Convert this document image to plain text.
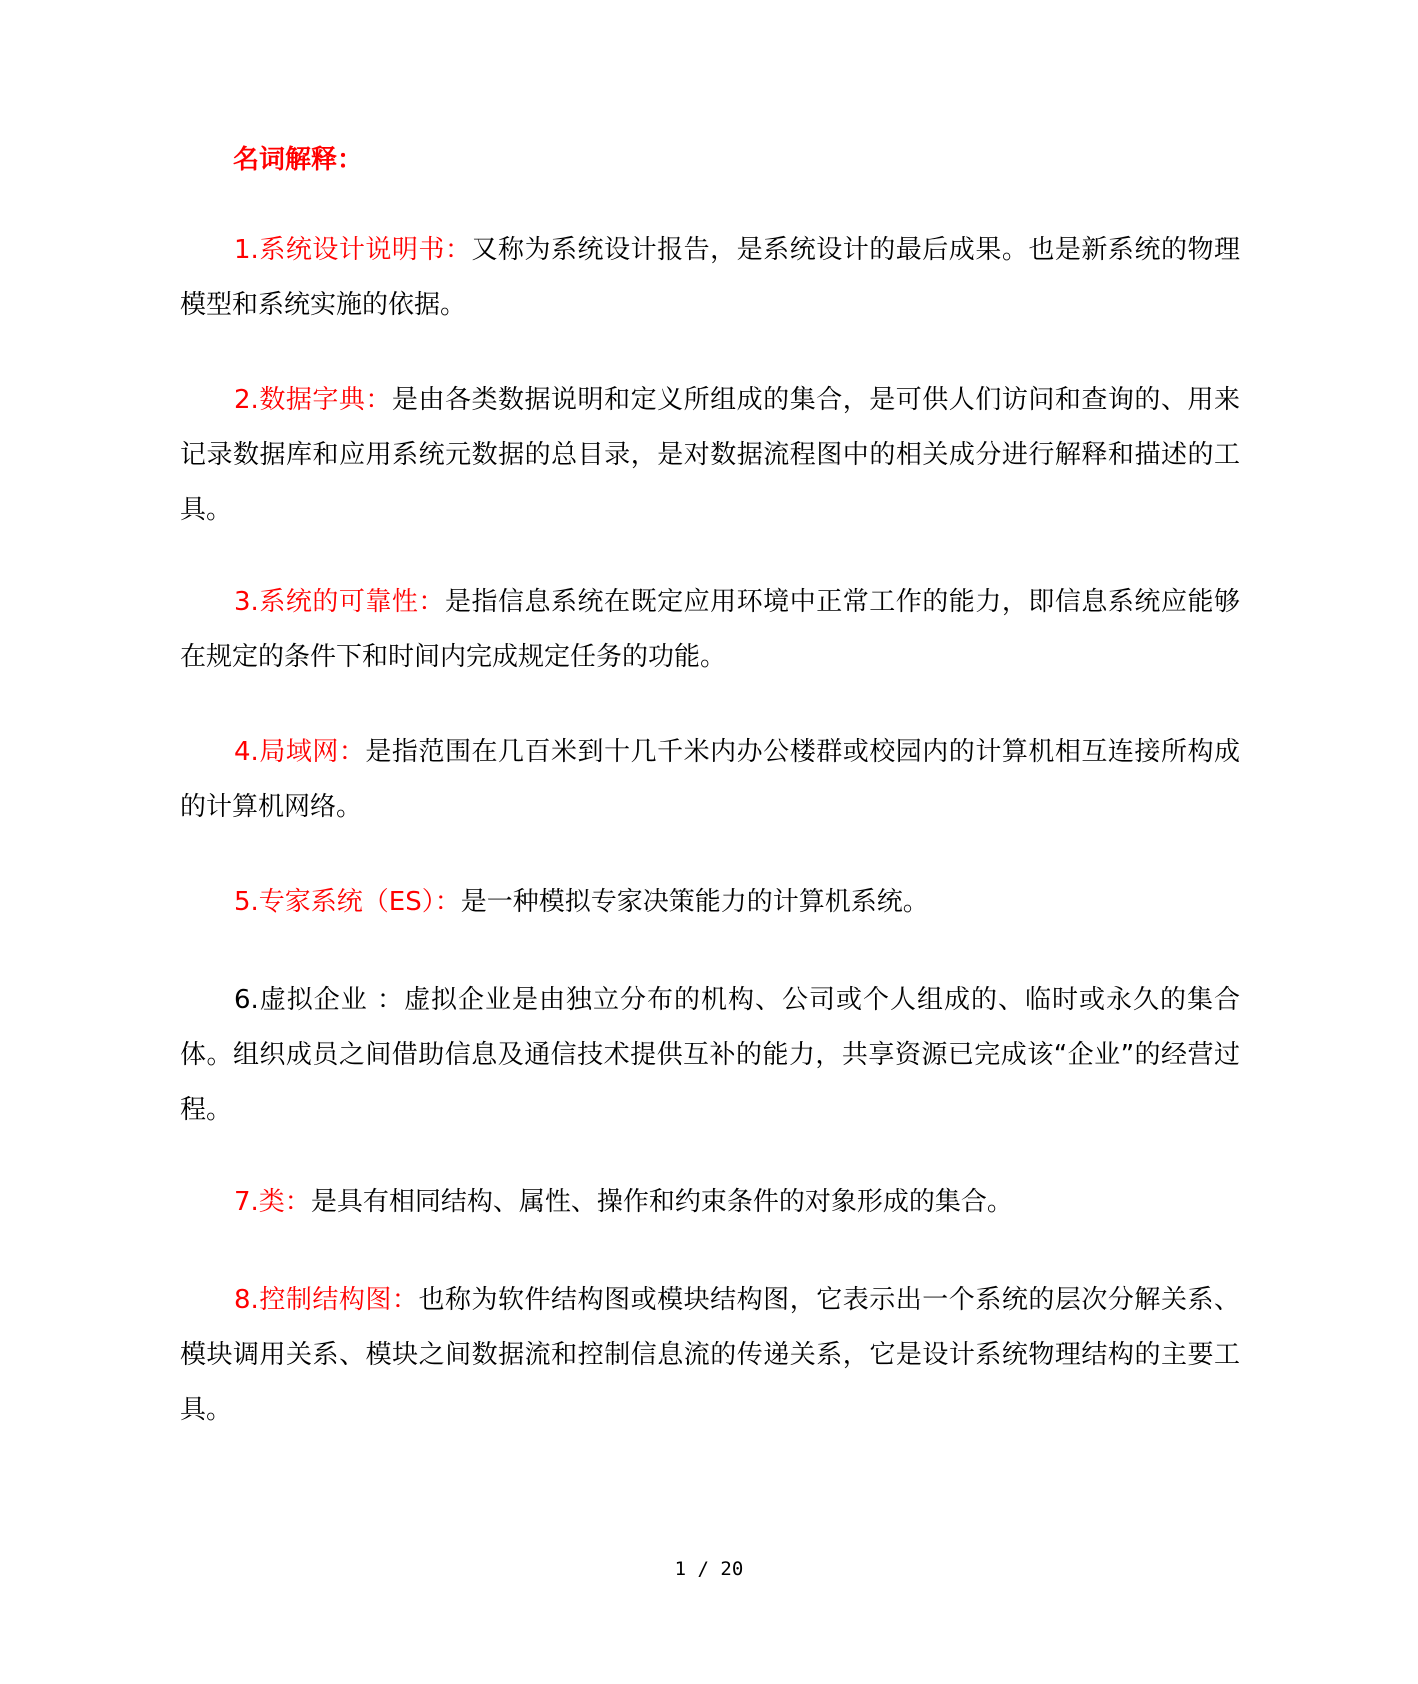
名词解释：

1.系统设计说明书：又称为系统设计报告，是系统设计的最后成果。也是新系统的物理模型和系统实施的依据。

2.数据字典：是由各类数据说明和定义所组成的集合，是可供人们访问和查询的、用来记录数据库和应用系统元数据的总目录，是对数据流程图中的相关成分进行解释和描述的工具。

3.系统的可靠性：是指信息系统在既定应用环境中正常工作的能力，即信息系统应能够在规定的条件下和时间内完成规定任务的功能。

4.局域网：是指范围在几百米到十几千米内办公楼群或校园内的计算机相互连接所构成的计算机网络。

5.专家系统（ES）：是一种模拟专家决策能力的计算机系统。

6.虚拟企业 ：虚拟企业是由独立分布的机构、公司或个人组成的、临时或永久的集合体。组织成员之间借助信息及通信技术提供互补的能力，共享资源已完成该“企业”的经营过程。

7.类：是具有相同结构、属性、操作和约束条件的对象形成的集合。

8.控制结构图：也称为软件结构图或模块结构图，它表示出一个系统的层次分解关系、模块调用关系、模块之间数据流和控制信息流的传递关系，它是设计系统物理结构的主要工具。

1 / 20
